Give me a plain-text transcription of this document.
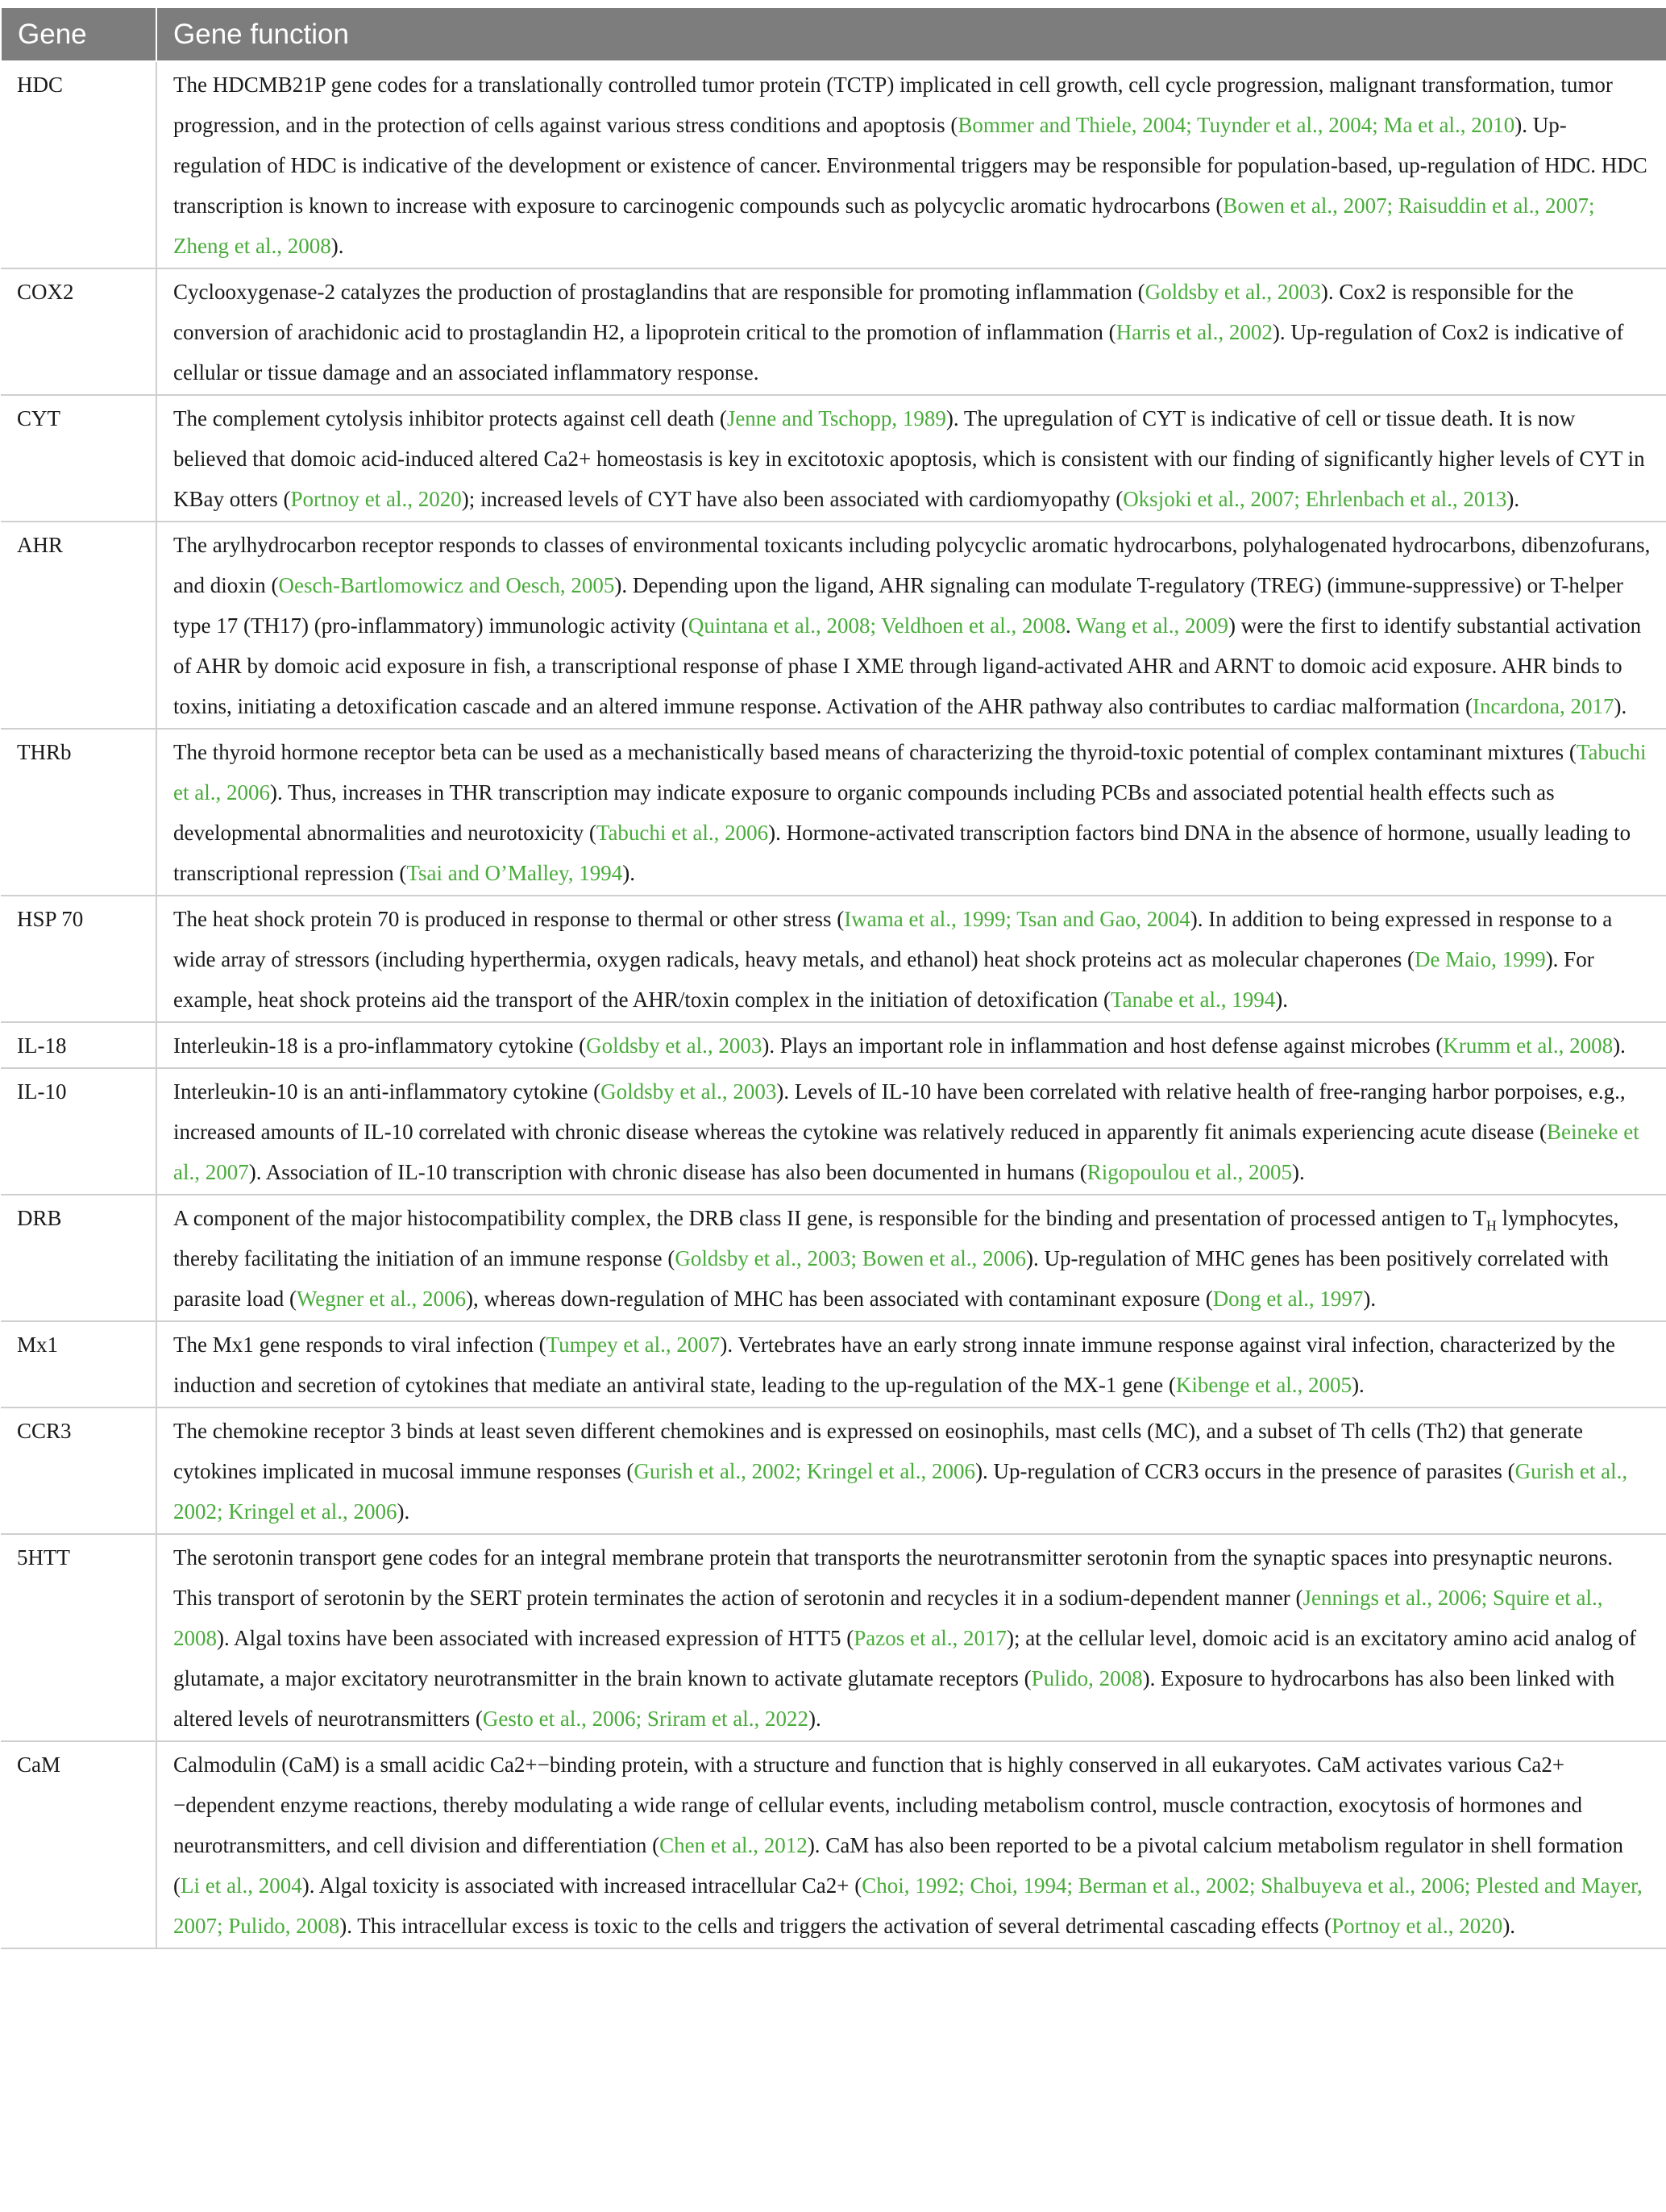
Gene	Gene function
HDC	The HDCMB21P gene codes for a translationally controlled tumor protein (TCTP) implicated in cell growth, cell cycle progression, malignant transformation, tumor progression, and in the protection of cells against various stress conditions and apoptosis (Bommer and Thiele, 2004; Tuynder et al., 2004; Ma et al., 2010). Up-regulation of HDC is indicative of the development or existence of cancer. Environmental triggers may be responsible for population-based, up-regulation of HDC. HDC transcription is known to increase with exposure to carcinogenic compounds such as polycyclic aromatic hydrocarbons (Bowen et al., 2007; Raisuddin et al., 2007; Zheng et al., 2008).
COX2	Cyclooxygenase-2 catalyzes the production of prostaglandins that are responsible for promoting inflammation (Goldsby et al., 2003). Cox2 is responsible for the conversion of arachidonic acid to prostaglandin H2, a lipoprotein critical to the promotion of inflammation (Harris et al., 2002). Up-regulation of Cox2 is indicative of cellular or tissue damage and an associated inflammatory response.
CYT	The complement cytolysis inhibitor protects against cell death (Jenne and Tschopp, 1989). The upregulation of CYT is indicative of cell or tissue death. It is now believed that domoic acid-induced altered Ca2+ homeostasis is key in excitotoxic apoptosis, which is consistent with our finding of significantly higher levels of CYT in KBay otters (Portnoy et al., 2020); increased levels of CYT have also been associated with cardiomyopathy (Oksjoki et al., 2007; Ehrlenbach et al., 2013).
AHR	The arylhydrocarbon receptor responds to classes of environmental toxicants including polycyclic aromatic hydrocarbons, polyhalogenated hydrocarbons, dibenzofurans, and dioxin (Oesch-Bartlomowicz and Oesch, 2005). Depending upon the ligand, AHR signaling can modulate T-regulatory (TREG) (immune-suppressive) or T-helper type 17 (TH17) (pro-inflammatory) immunologic activity (Quintana et al., 2008; Veldhoen et al., 2008. Wang et al., 2009) were the first to identify substantial activation of AHR by domoic acid exposure in fish, a transcriptional response of phase I XME through ligand-activated AHR and ARNT to domoic acid exposure. AHR binds to toxins, initiating a detoxification cascade and an altered immune response. Activation of the AHR pathway also contributes to cardiac malformation (Incardona, 2017).
THRb	The thyroid hormone receptor beta can be used as a mechanistically based means of characterizing the thyroid-toxic potential of complex contaminant mixtures (Tabuchi et al., 2006). Thus, increases in THR transcription may indicate exposure to organic compounds including PCBs and associated potential health effects such as developmental abnormalities and neurotoxicity (Tabuchi et al., 2006). Hormone-activated transcription factors bind DNA in the absence of hormone, usually leading to transcriptional repression (Tsai and O’Malley, 1994).
HSP 70	The heat shock protein 70 is produced in response to thermal or other stress (Iwama et al., 1999; Tsan and Gao, 2004). In addition to being expressed in response to a wide array of stressors (including hyperthermia, oxygen radicals, heavy metals, and ethanol) heat shock proteins act as molecular chaperones (De Maio, 1999). For example, heat shock proteins aid the transport of the AHR/toxin complex in the initiation of detoxification (Tanabe et al., 1994).
IL-18	Interleukin-18 is a pro-inflammatory cytokine (Goldsby et al., 2003). Plays an important role in inflammation and host defense against microbes (Krumm et al., 2008).
IL-10	Interleukin-10 is an anti-inflammatory cytokine (Goldsby et al., 2003). Levels of IL-10 have been correlated with relative health of free-ranging harbor porpoises, e.g., increased amounts of IL-10 correlated with chronic disease whereas the cytokine was relatively reduced in apparently fit animals experiencing acute disease (Beineke et al., 2007). Association of IL-10 transcription with chronic disease has also been documented in humans (Rigopoulou et al., 2005).
DRB	A component of the major histocompatibility complex, the DRB class II gene, is responsible for the binding and presentation of processed antigen to $T_H$ lymphocytes, thereby facilitating the initiation of an immune response (Goldsby et al., 2003; Bowen et al., 2006). Up-regulation of MHC genes has been positively correlated with parasite load (Wegner et al., 2006), whereas down-regulation of MHC has been associated with contaminant exposure (Dong et al., 1997).
Mx1	The Mx1 gene responds to viral infection (Tumpey et al., 2007). Vertebrates have an early strong innate immune response against viral infection, characterized by the induction and secretion of cytokines that mediate an antiviral state, leading to the up-regulation of the MX-1 gene (Kibenge et al., 2005).
CCR3	The chemokine receptor 3 binds at least seven different chemokines and is expressed on eosinophils, mast cells (MC), and a subset of Th cells (Th2) that generate cytokines implicated in mucosal immune responses (Gurish et al., 2002; Kringel et al., 2006). Up-regulation of CCR3 occurs in the presence of parasites (Gurish et al., 2002; Kringel et al., 2006).
5HTT	The serotonin transport gene codes for an integral membrane protein that transports the neurotransmitter serotonin from the synaptic spaces into presynaptic neurons. This transport of serotonin by the SERT protein terminates the action of serotonin and recycles it in a sodium-dependent manner (Jennings et al., 2006; Squire et al., 2008). Algal toxins have been associated with increased expression of HTT5 (Pazos et al., 2017); at the cellular level, domoic acid is an excitatory amino acid analog of glutamate, a major excitatory neurotransmitter in the brain known to activate glutamate receptors (Pulido, 2008). Exposure to hydrocarbons has also been linked with altered levels of neurotransmitters (Gesto et al., 2006; Sriram et al., 2022).
CaM	Calmodulin (CaM) is a small acidic Ca2+−binding protein, with a structure and function that is highly conserved in all eukaryotes. CaM activates various Ca2+−dependent enzyme reactions, thereby modulating a wide range of cellular events, including metabolism control, muscle contraction, exocytosis of hormones and neurotransmitters, and cell division and differentiation (Chen et al., 2012). CaM has also been reported to be a pivotal calcium metabolism regulator in shell formation (Li et al., 2004). Algal toxicity is associated with increased intracellular Ca2+ (Choi, 1992; Choi, 1994; Berman et al., 2002; Shalbuyeva et al., 2006; Plested and Mayer, 2007; Pulido, 2008). This intracellular excess is toxic to the cells and triggers the activation of several detrimental cascading effects (Portnoy et al., 2020).
